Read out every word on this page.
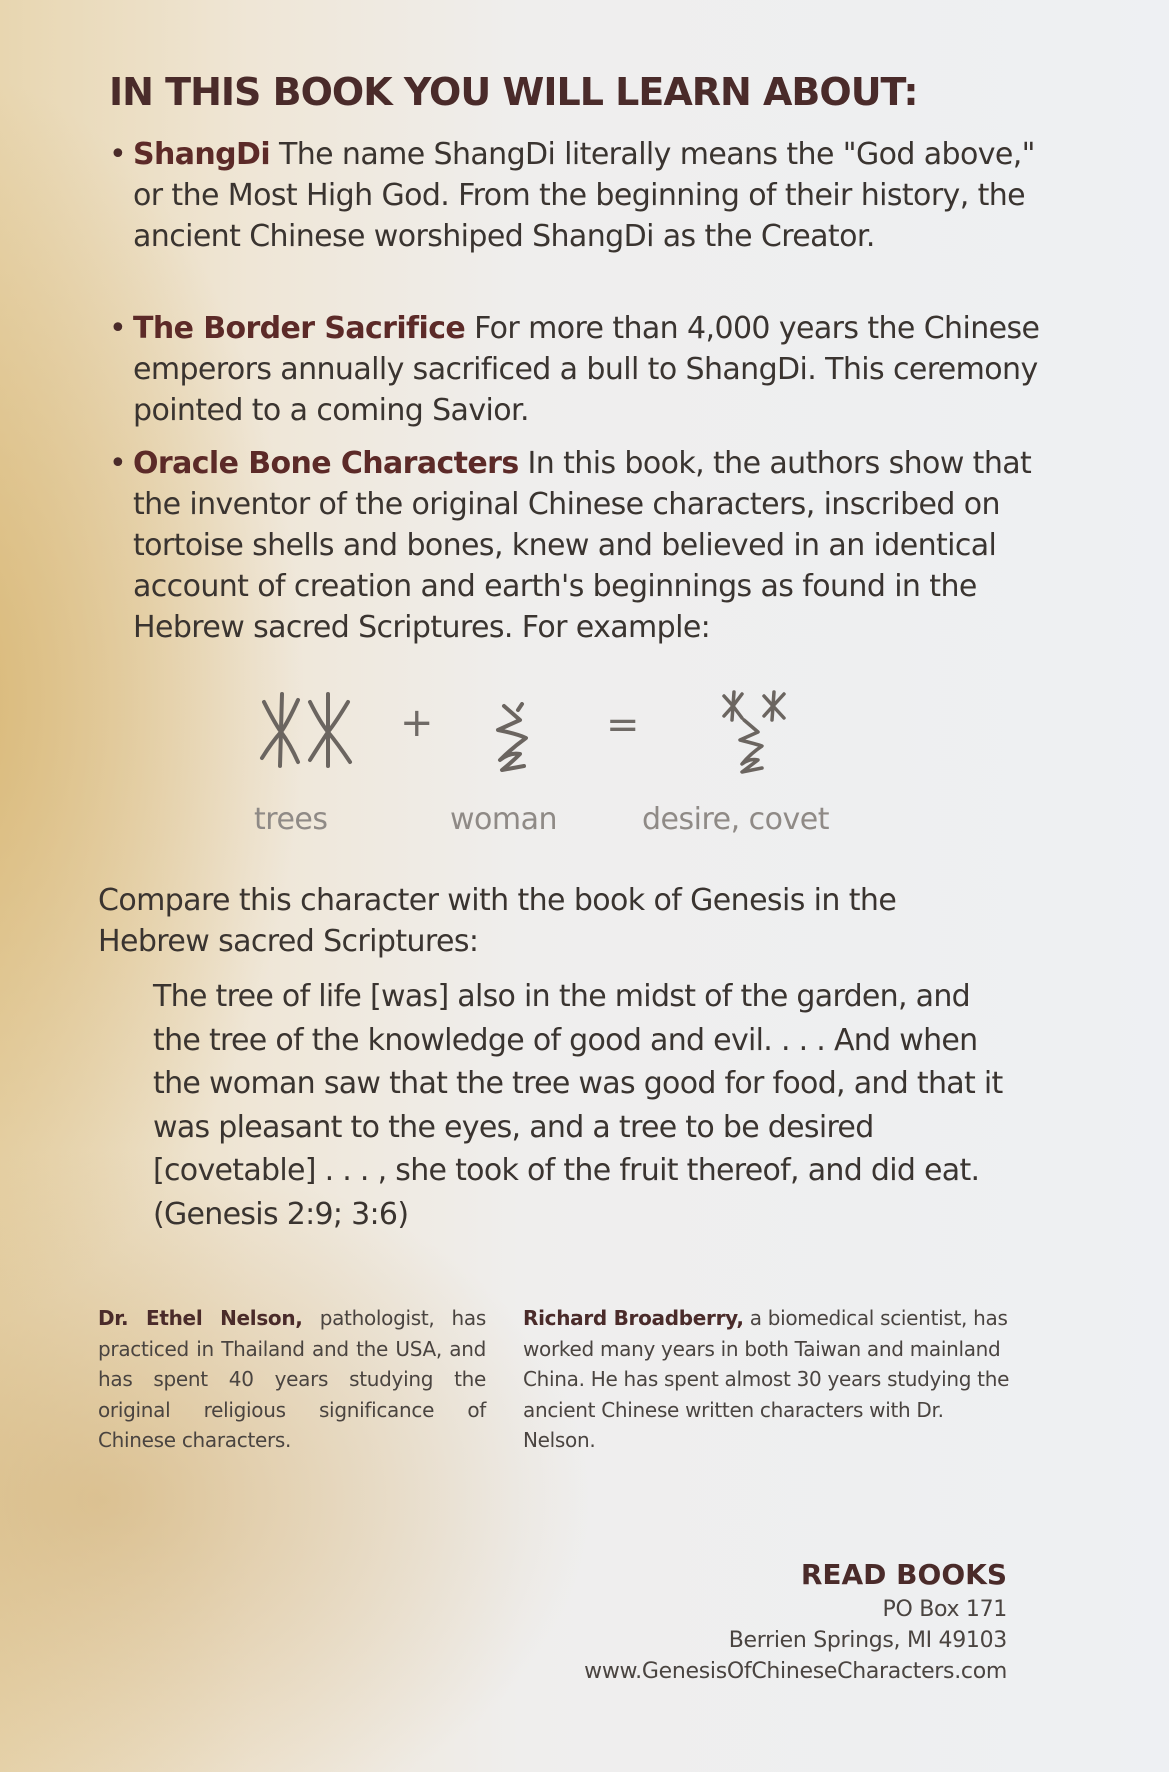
IN THIS BOOK YOU WILL LEARN ABOUT:
• ShangDi The name ShangDi literally means the "God above," or the Most High God. From the beginning of their history, the ancient Chinese worshiped ShangDi as the Creator.
• The Border Sacrifice For more than 4,000 years the Chinese emperors annually sacrificed a bull to ShangDi. This ceremony pointed to a coming Savior.
• Oracle Bone Characters In this book, the authors show that the inventor of the original Chinese characters, inscribed on tortoise shells and bones, knew and believed in an identical account of creation and earth's beginnings as found in the Hebrew sacred Scriptures. For example:
+	=
trees	woman	desire, covet
Compare this character with the book of Genesis in the Hebrew sacred Scriptures:
The tree of life [was] also in the midst of the garden, and the tree of the knowledge of good and evil. . . . And when the woman saw that the tree was good for food, and that it was pleasant to the eyes, and a tree to be desired [covetable] . . . , she took of the fruit thereof, and did eat.  (Genesis 2:9; 3:6)
Dr. Ethel Nelson, pathologist, has practiced in Thailand and the USA, and has spent 40 years studying the original religious significance of Chinese characters.
Richard Broadberry, a biomedical scientist, has worked many years in both Taiwan and mainland China. He has spent almost 30 years studying the ancient Chinese written characters with Dr. Nelson.
READ BOOKS
PO Box 171
Berrien Springs, MI 49103
www.GenesisOfChineseCharacters.com
